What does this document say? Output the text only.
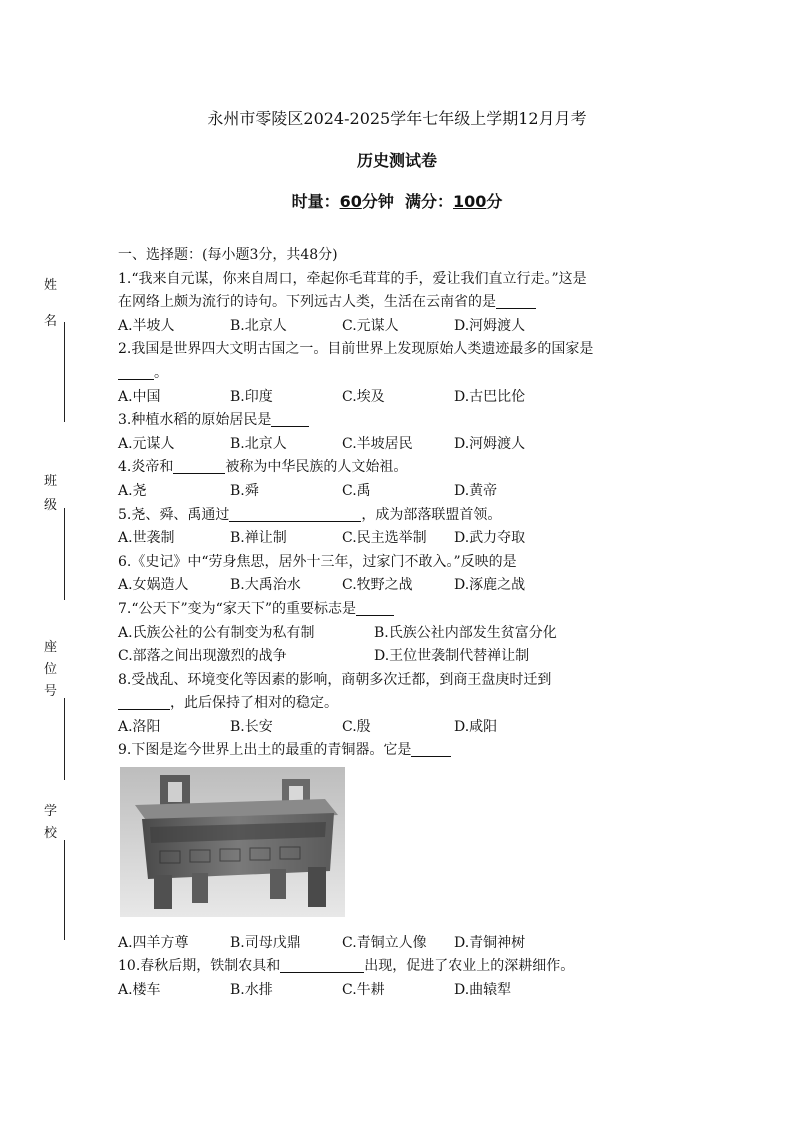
永州市零陵区2024-2025学年七年级上学期12月月考
历史测试卷
时量：60分钟  满分：100分
姓
名
班
级
座
位
号
学
校
一、选择题：(每小题3分，共48分)
1.“我来自元谋，你来自周口，牵起你毛茸茸的手，爱让我们直立行走。”这是
在网络上颇为流行的诗句。下列远古人类，生活在云南省的是
A.半坡人	B.北京人	C.元谋人	D.河姆渡人
2.我国是世界四大文明古国之一。目前世界上发现原始人类遗迹最多的国家是
。
A.中国	B.印度	C.埃及	D.古巴比伦
3.种植水稻的原始居民是
A.元谋人	B.北京人	C.半坡居民	D.河姆渡人
4.炎帝和	被称为中华民族的人文始祖。
A.尧	B.舜	C.禹	D.黄帝
5.尧、舜、禹通过	，成为部落联盟首领。
A.世袭制	B.禅让制	C.民主选举制	D.武力夺取
6.《史记》中“劳身焦思，居外十三年，过家门不敢入。”反映的是
A.女娲造人	B.大禹治水	C.牧野之战	D.涿鹿之战
7.“公天下”变为“家天下”的重要标志是
A.氏族公社的公有制变为私有制	B.氏族公社内部发生贫富分化
C.部落之间出现激烈的战争	D.王位世袭制代替禅让制
8.受战乱、环境变化等因素的影响，商朝多次迁都，到商王盘庚时迁到
，此后保持了相对的稳定。
A.洛阳	B.长安	C.殷	D.咸阳
9.下图是迄今世界上出土的最重的青铜器。它是
A.四羊方尊	B.司母戊鼎	C.青铜立人像	D.青铜神树
10.春秋后期，铁制农具和	出现，促进了农业上的深耕细作。
A.楼车	B.水排	C.牛耕	D.曲辕犁
